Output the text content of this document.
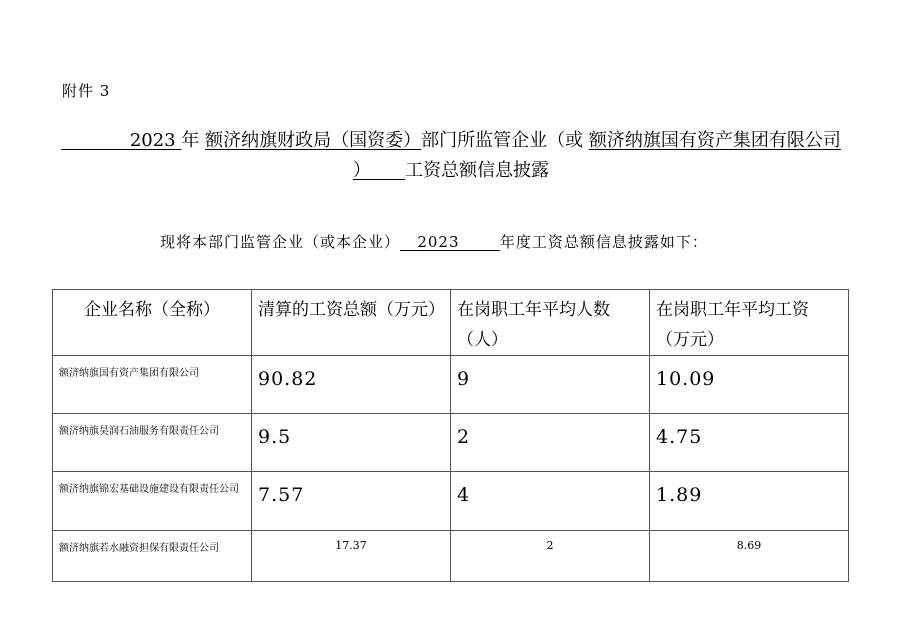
附件 3
2023 年 额济纳旗财政局（国资委）部门所监管企业（或 额济纳旗国有资产集团有限公司 ） 工资总额信息披露
现将本部门监管企业（或本企业） 2023	年度工资总额信息披露如下：
企业名称（全称）	清算的工资总额（万元）	在岗职工年平均人数（人）	在岗职工年平均工资（万元）
额济纳旗国有资产集团有限公司	90.82	9	10.09
额济纳旗昊润石油服务有限责任公司	9.5	2	4.75
额济纳旗锦宏基础设施建设有限责任公司	7.57	4	1.89
额济纳旗若水融资担保有限责任公司	17.37	2	8.69
